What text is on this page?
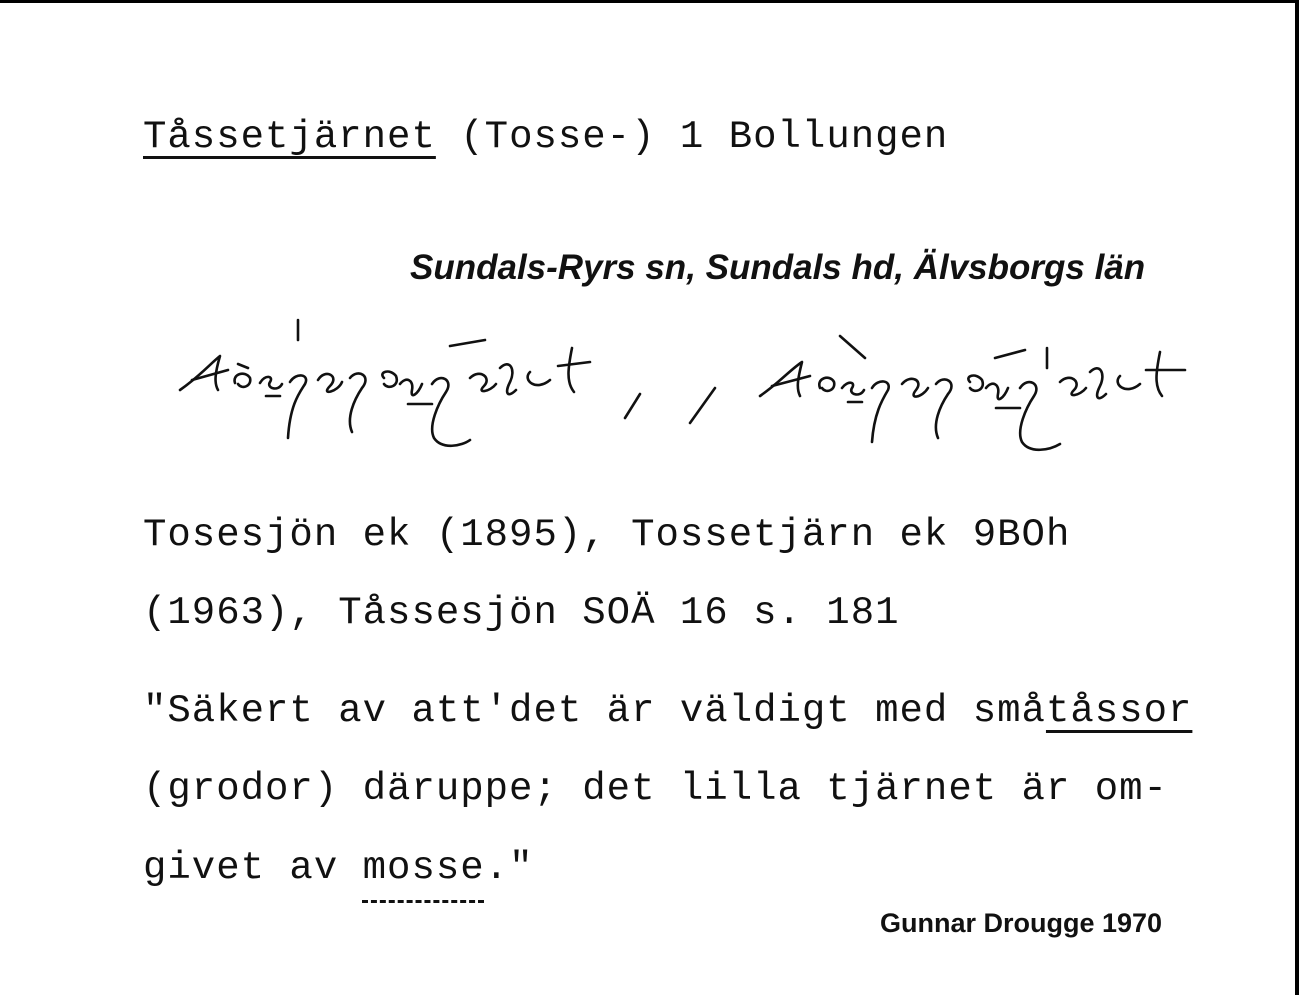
Tåssetjärnet (Tosse-) 1 Bollungen
Sundals-Ryrs sn, Sundals hd, Älvsborgs län
Tosesjön ek (1895), Tossetjärn ek 9BOh
(1963), Tåssesjön SOÄ 16 s. 181
"Säkert av att'det är väldigt med småtåssor
(grodor) däruppe; det lilla tjärnet är om-
givet av mosse."
Gunnar Drougge 1970
